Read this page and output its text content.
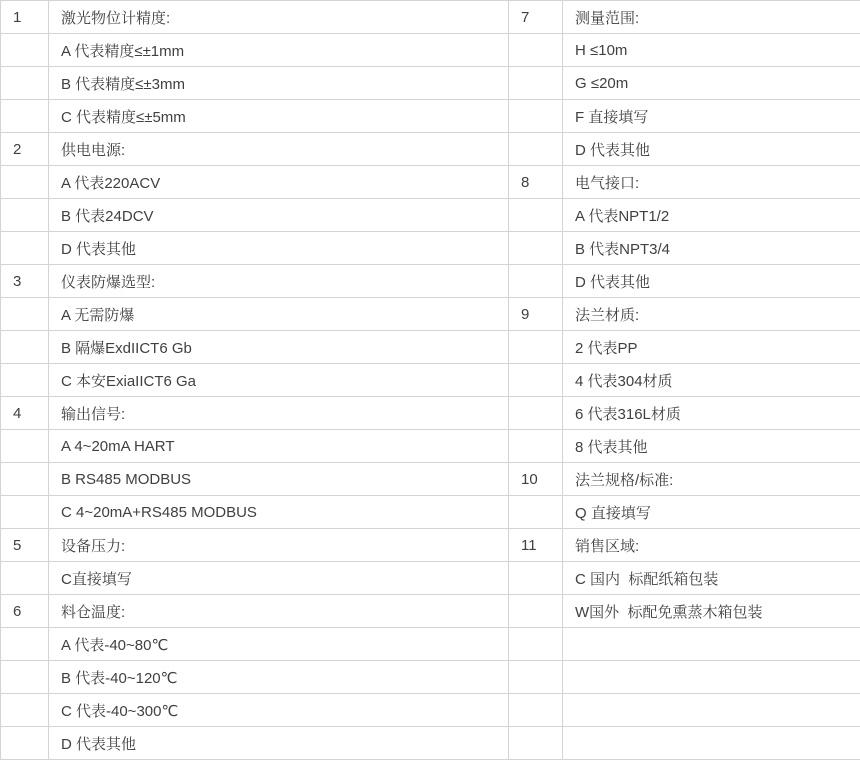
1	激光物位计精度:	7	测量范围:
	A 代表精度≤±1mm		H ≤10m
	B 代表精度≤±3mm		G ≤20m
	C 代表精度≤±5mm		F 直接填写
2	供电电源:		D 代表其他
	A 代表220ACV	8	电气接口:
	B 代表24DCV		A 代表NPT1/2
	D 代表其他		B 代表NPT3/4
3	仪表防爆选型:		D 代表其他
	A 无需防爆	9	法兰材质:
	B 隔爆ExdIICT6 Gb		2 代表PP
	C 本安ExiaIICT6 Ga		4 代表304材质
4	输出信号:		6 代表316L材质
	A 4~20mA HART		8 代表其他
	B RS485 MODBUS	10	法兰规格/标准:
	C 4~20mA+RS485 MODBUS		Q 直接填写
5	设备压力:	11	销售区域:
	C直接填写		C 国内  标配纸箱包装
6	料仓温度:		W国外  标配免熏蒸木箱包装
	A 代表-40~80℃		
	B 代表-40~120℃		
	C 代表-40~300℃		
	D 代表其他		
